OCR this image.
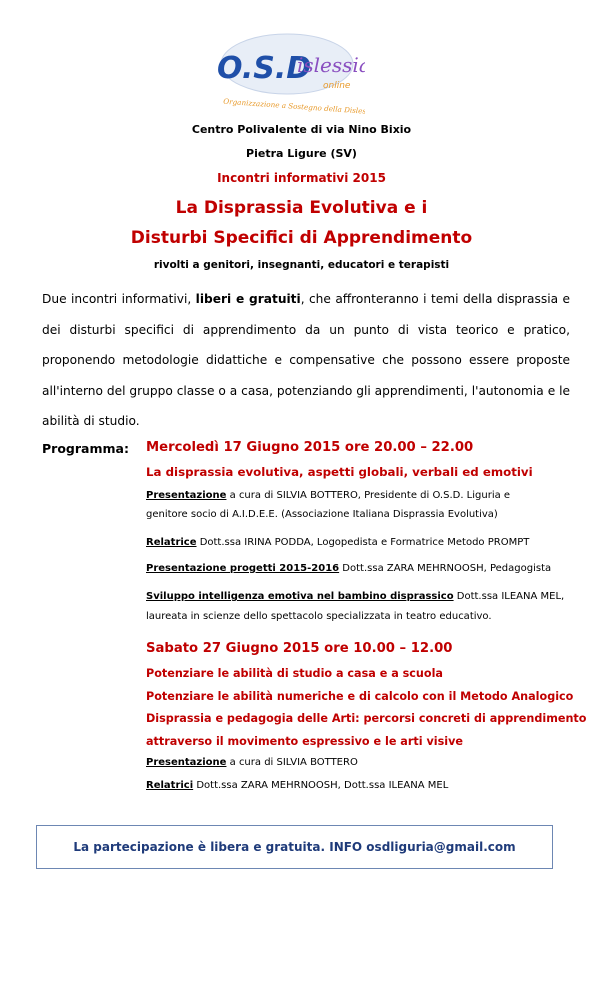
O.S.D
islessia
online
Organizzazione a Sostegno della Dislessia
Centro Polivalente di via Nino Bixio
Pietra Ligure (SV)
Incontri informativi 2015
La Disprassia Evolutiva e i
Disturbi Specifici di Apprendimento
rivolti a genitori, insegnanti, educatori e terapisti

Due incontri informativi, liberi e gratuiti, che affronteranno i temi della disprassia e dei disturbi specifici di apprendimento da un punto di vista teorico e pratico, proponendo metodologie didattiche e compensative che possono essere proposte all'interno del gruppo classe o a casa, potenziando gli apprendimenti, l'autonomia e le abilità di studio.

Programma: Mercoledì 17 Giugno 2015 ore 20.00 – 22.00
La disprassia evolutiva, aspetti globali, verbali ed emotivi
Presentazione a cura di SILVIA BOTTERO, Presidente di O.S.D. Liguria e
genitore socio di A.I.D.E.E. (Associazione Italiana Disprassia Evolutiva)
Relatrice Dott.ssa IRINA PODDA, Logopedista e Formatrice Metodo PROMPT
Presentazione progetti 2015-2016 Dott.ssa ZARA MEHRNOOSH, Pedagogista
Sviluppo intelligenza emotiva nel bambino disprassico Dott.ssa ILEANA MEL,
laureata in scienze dello spettacolo specializzata in teatro educativo.
Sabato 27 Giugno 2015 ore 10.00 – 12.00
Potenziare le abilità di studio a casa e a scuola
Potenziare le abilità numeriche e di calcolo con il Metodo Analogico
Disprassia e pedagogia delle Arti: percorsi concreti di apprendimento
attraverso il movimento espressivo e le arti visive
Presentazione a cura di SILVIA BOTTERO
Relatrici Dott.ssa ZARA MEHRNOOSH, Dott.ssa ILEANA MEL
La partecipazione è libera e gratuita. INFO osdliguria@gmail.com
